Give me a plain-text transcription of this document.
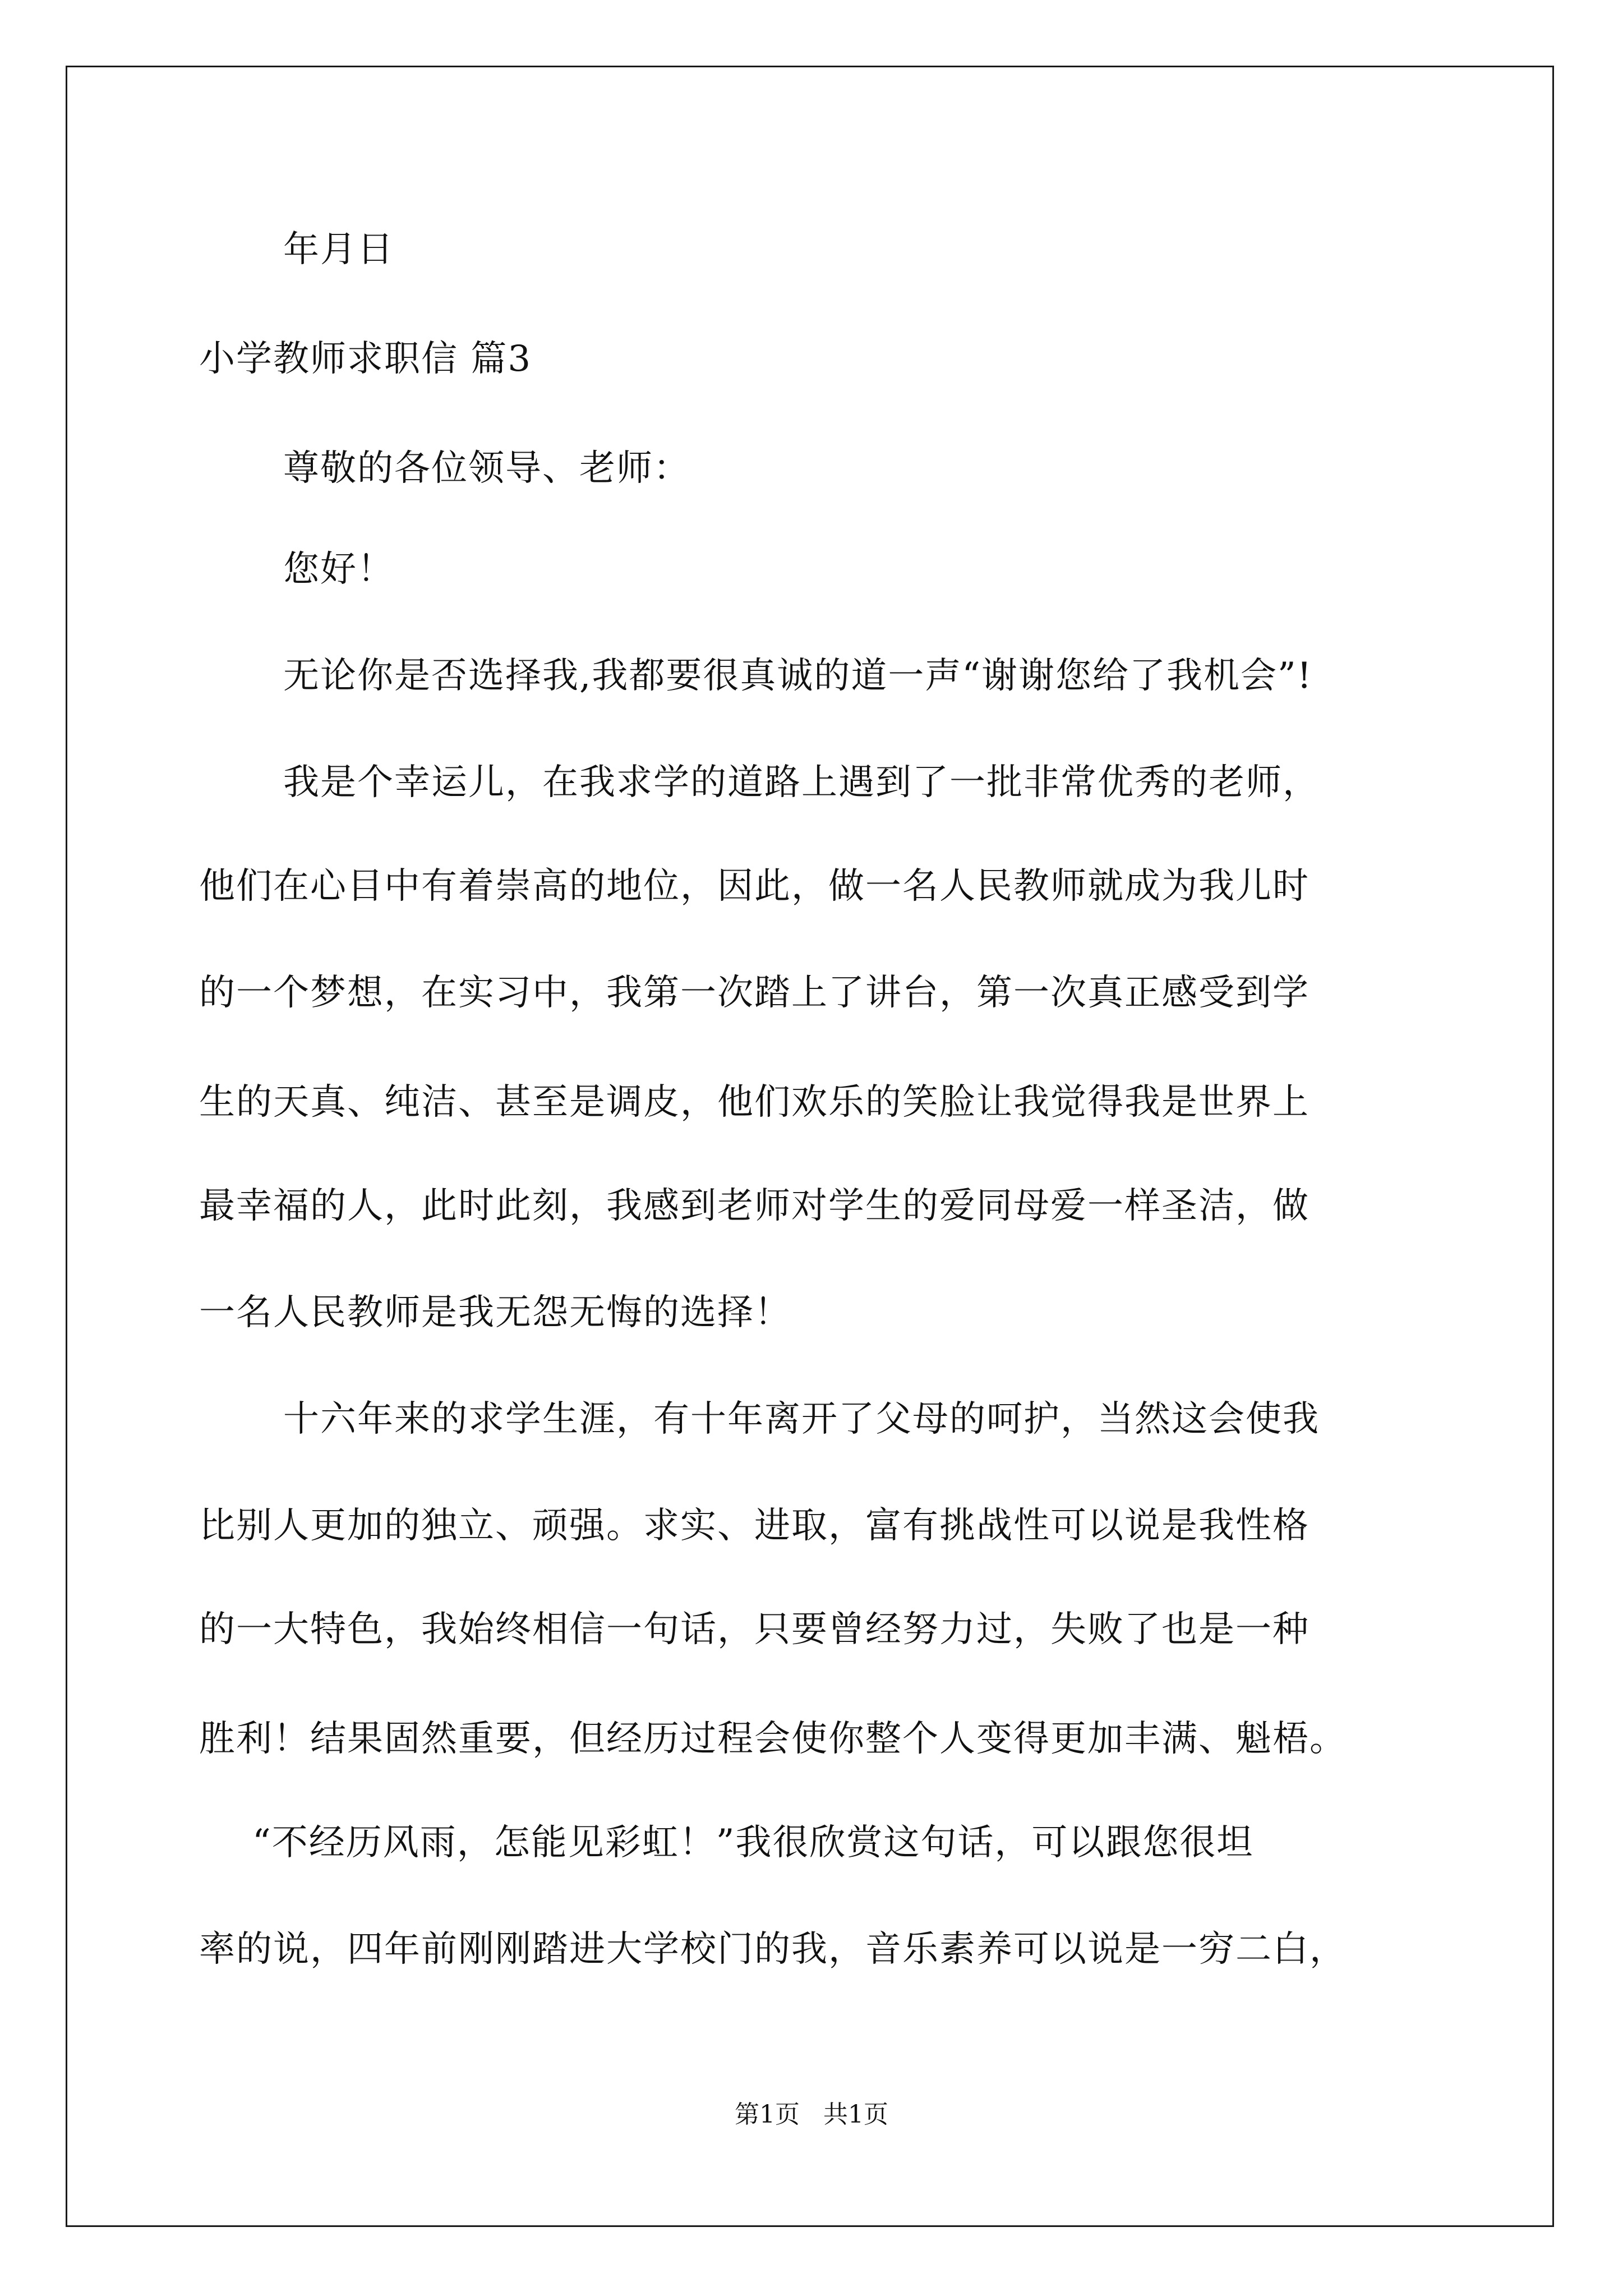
年月日
小学教师求职信 篇3
尊敬的各位领导、老师：
您好！
无论你是否选择我,我都要很真诚的道一声“谢谢您给了我机会”!
我是个幸运儿，在我求学的道路上遇到了一批非常优秀的老师，
他们在心目中有着崇高的地位，因此，做一名人民教师就成为我儿时
的一个梦想，在实习中，我第一次踏上了讲台，第一次真正感受到学
生的天真、纯洁、甚至是调皮，他们欢乐的笑脸让我觉得我是世界上
最幸福的人，此时此刻，我感到老师对学生的爱同母爱一样圣洁，做
一名人民教师是我无怨无悔的选择！
十六年来的求学生涯，有十年离开了父母的呵护，当然这会使我
比别人更加的独立、顽强。求实、进取，富有挑战性可以说是我性格
的一大特色，我始终相信一句话，只要曾经努力过，失败了也是一种
胜利！结果固然重要，但经历过程会使你整个人变得更加丰满、魁梧。
“不经历风雨，怎能见彩虹！”我很欣赏这句话，可以跟您很坦
率的说，四年前刚刚踏进大学校门的我，音乐素养可以说是一穷二白，
第1页   共1页
